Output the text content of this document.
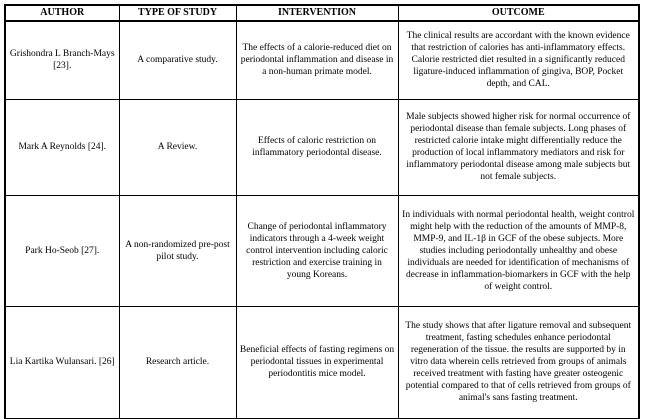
AUTHOR	TYPE OF STUDY	INTERVENTION	OUTCOME
Grishondra L Branch-Mays [23].	A comparative study.	The effects of a calorie-reduced diet on periodontal inflammation and disease in a non-human primate model.	The clinical results are accordant with the known evidence that restriction of calories has anti-inflammatory effects. Calorie restricted diet resulted in a significantly reduced ligature-induced inflammation of gingiva, BOP, Pocket depth, and CAL.
Mark A Reynolds [24].	A Review.	Effects of caloric restriction on inflammatory periodontal disease.	Male subjects showed higher risk for normal occurrence of periodontal disease than female subjects. Long phases of restricted calorie intake might differentially reduce the production of local inflammatory mediators and risk for inflammatory periodontal disease among male subjects but not female subjects.
Park Ho-Seob [27].	A non-randomized pre-post pilot study.	Change of periodontal inflammatory indicators through a 4-week weight control intervention including caloric restriction and exercise training in young Koreans.	In individuals with normal periodontal health, weight control might help with the reduction of the amounts of MMP-8, MMP-9, and IL-1β in GCF of the obese subjects. More studies including periodontally unhealthy and obese individuals are needed for identification of mechanisms of decrease in inflammation-biomarkers in GCF with the help of weight control.
Lia Kartika Wulansari. [26]	Research article.	Beneficial effects of fasting regimens on periodontal tissues in experimental periodontitis mice model.	The study shows that after ligature removal and subsequent treatment, fasting schedules enhance periodontal regeneration of the tissue. the results are supported by in vitro data wherein cells retrieved from groups of animals received treatment with fasting have greater osteogenic potential compared to that of cells retrieved from groups of animal's sans fasting treatment.
